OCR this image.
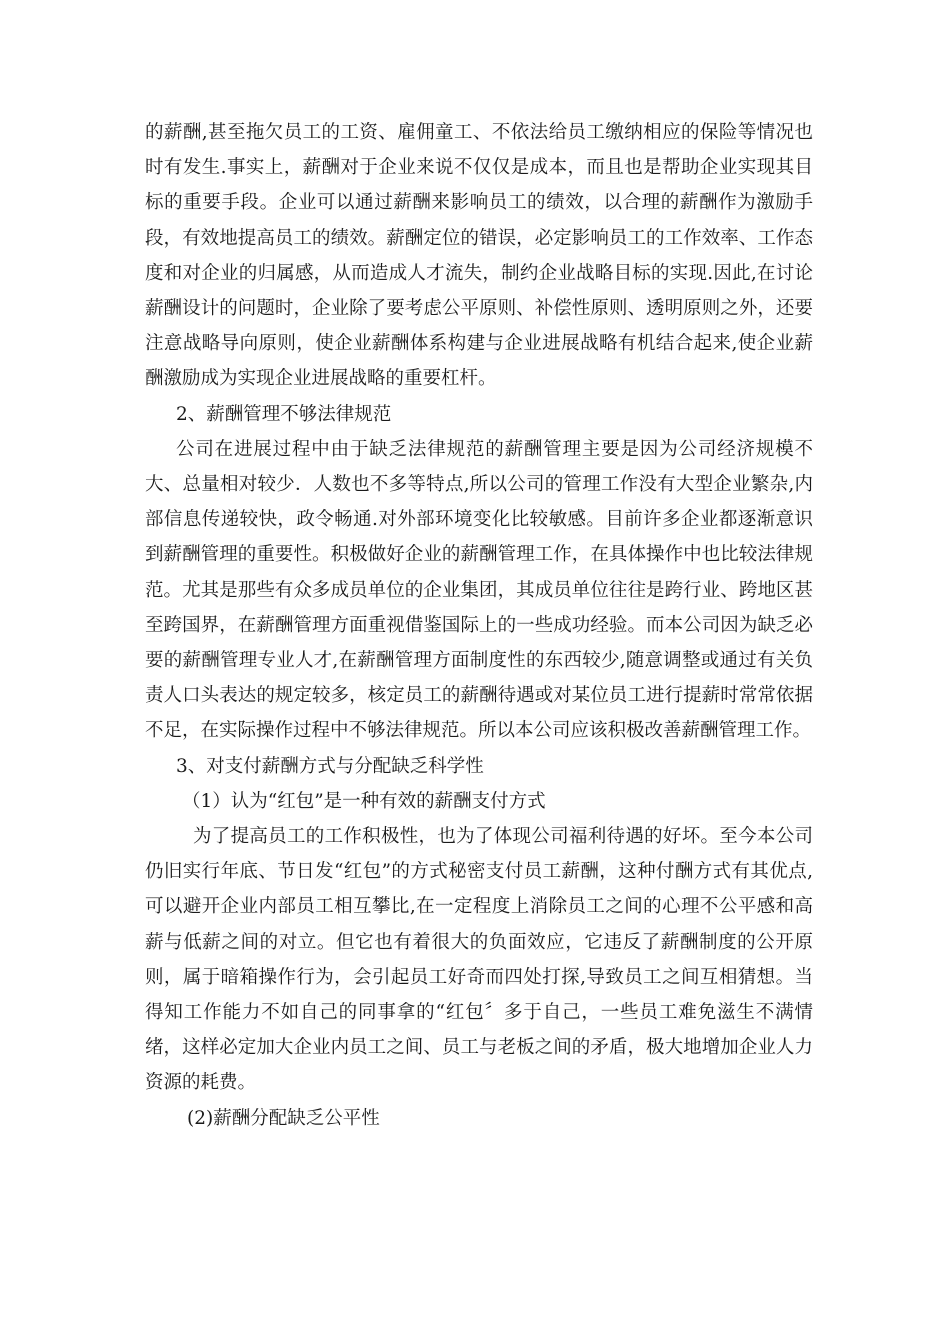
的薪酬,甚至拖欠员工的工资、雇佣童工、不依法给员工缴纳相应的保险等情况也时有发生.事实上，薪酬对于企业来说不仅仅是成本，而且也是帮助企业实现其目标的重要手段。企业可以通过薪酬来影响员工的绩效，以合理的薪酬作为激励手段，有效地提高员工的绩效。薪酬定位的错误，必定影响员工的工作效率、工作态度和对企业的归属感，从而造成人才流失，制约企业战略目标的实现.因此,在讨论薪酬设计的问题时，企业除了要考虑公平原则、补偿性原则、透明原则之外，还要注意战略导向原则，使企业薪酬体系构建与企业进展战略有机结合起来,使企业薪酬激励成为实现企业进展战略的重要杠杆。

2、薪酬管理不够法律规范

公司在进展过程中由于缺乏法律规范的薪酬管理主要是因为公司经济规模不大、总量相对较少．人数也不多等特点,所以公司的管理工作没有大型企业繁杂,内部信息传递较快，政令畅通.对外部环境变化比较敏感。目前许多企业都逐渐意识到薪酬管理的重要性。积极做好企业的薪酬管理工作，在具体操作中也比较法律规范。尤其是那些有众多成员单位的企业集团，其成员单位往往是跨行业、跨地区甚至跨国界，在薪酬管理方面重视借鉴国际上的一些成功经验。而本公司因为缺乏必要的薪酬管理专业人才,在薪酬管理方面制度性的东西较少,随意调整或通过有关负责人口头表达的规定较多，核定员工的薪酬待遇或对某位员工进行提薪时常常依据不足，在实际操作过程中不够法律规范。所以本公司应该积极改善薪酬管理工作。

3、对支付薪酬方式与分配缺乏科学性

（1）认为“红包”是一种有效的薪酬支付方式

为了提高员工的工作积极性，也为了体现公司福利待遇的好坏。至今本公司仍旧实行年底、节日发“红包”的方式秘密支付员工薪酬，这种付酬方式有其优点,可以避开企业内部员工相互攀比,在一定程度上消除员工之间的心理不公平感和高薪与低薪之间的对立。但它也有着很大的负面效应，它违反了薪酬制度的公开原则，属于暗箱操作行为，会引起员工好奇而四处打探,导致员工之间互相猜想。当得知工作能力不如自己的同事拿的“红包〞多于自己，一些员工难免滋生不满情绪，这样必定加大企业内员工之间、员工与老板之间的矛盾，极大地增加企业人力资源的耗费。

(2)薪酬分配缺乏公平性
